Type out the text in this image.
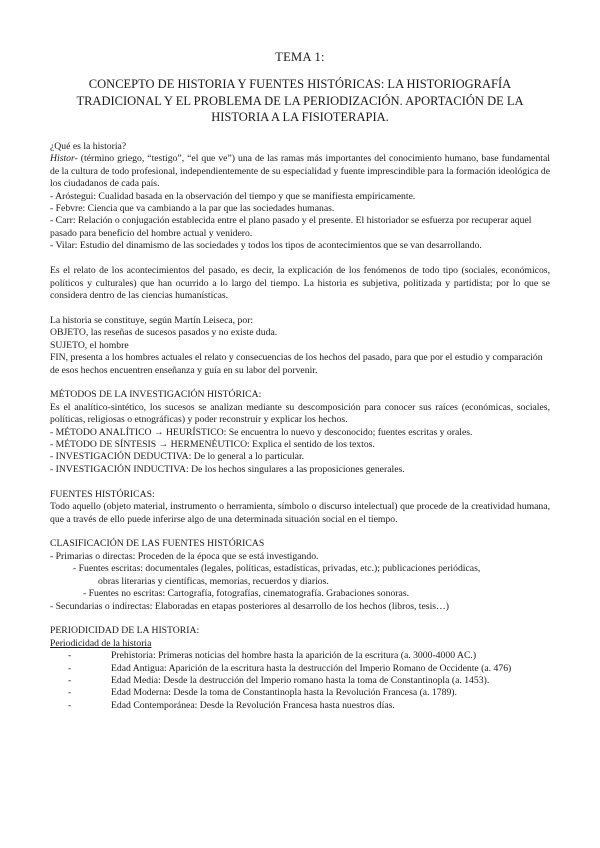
TEMA 1:
CONCEPTO DE HISTORIA Y FUENTES HISTÓRICAS: LA HISTORIOGRAFÍA TRADICIONAL Y EL PROBLEMA DE LA PERIODIZACIÓN. APORTACIÓN DE LA HISTORIA A LA FISIOTERAPIA.

¿Qué es la historia?

Histor- (término griego, “testigo”, “el que ve”) una de las ramas más importantes del conocimiento humano, base fundamental de la cultura de todo profesional, independientemente de su especialidad y fuente imprescindible para la formación ideológica de los ciudadanos de cada país.

- Aróstegui: Cualidad basada en la observación del tiempo y que se manifiesta empíricamente.

- Febvre: Ciencia que va cambiando a la par que las sociedades humanas.

- Carr: Relación o conjugación establecida entre el plano pasado y el presente. El historiador se esfuerza por recuperar aquel pasado para beneficio del hombre actual y venidero.

- Vilar: Estudio del dinamismo de las sociedades y todos los tipos de acontecimientos que se van desarrollando.

Es el relato de los acontecimientos del pasado, es decir, la explicación de los fenómenos de todo tipo (sociales, económicos, políticos y culturales) que han ocurrido a lo largo del tiempo. La historia es subjetiva, politizada y partidista; por lo que se considera dentro de las ciencias humanísticas.

La historia se constituye, según Martín Leiseca, por:

OBJETO, las reseñas de sucesos pasados y no existe duda.

SUJETO, el hombre

FIN, presenta a los hombres actuales el relato y consecuencias de los hechos del pasado, para que por el estudio y comparación de esos hechos encuentren enseñanza y guía en su labor del porvenir.

MÉTODOS DE LA INVESTIGACIÓN HISTÓRICA:

Es el analítico-sintético, los sucesos se analizan mediante su descomposición para conocer sus raíces (económicas, sociales, políticas, religiosas o etnográficas) y poder reconstruir y explicar los hechos.

- MÉTODO ANALÍTICO → HEURÍSTICO: Se encuentra lo nuevo y desconocido; fuentes escritas y orales.

- MÉTODO DE SÍNTESIS → HERMENÉUTICO: Explica el sentido de los textos.

- INVESTIGACIÓN DEDUCTIVA: De lo general a lo particular.

- INVESTIGACIÓN INDUCTIVA: De los hechos singulares a las proposiciones generales.

FUENTES HISTÓRICAS:

Todo aquello (objeto material, instrumento o herramienta, símbolo o discurso intelectual) que procede de la creatividad humana, que a través de ello puede inferirse algo de una determinada situación social en el tiempo.

CLASIFICACIÓN DE LAS FUENTES HISTÓRICAS

- Primarias o directas: Proceden de la época que se está investigando.

- Fuentes escritas: documentales (legales, políticas, estadísticas, privadas, etc.); publicaciones periódicas,

obras literarias y científicas, memorias, recuerdos y diarios.

- Fuentes no escritas: Cartografía, fotografías, cinematografía. Grabaciones sonoras.

- Secundarias o indirectas: Elaboradas en etapas posteriores al desarrollo de los hechos (libros, tesis…)

PERIODICIDAD DE LA HISTORIA:

Periodicidad de la historia

-	Prehistoria: Primeras noticias del hombre hasta la aparición de la escritura (a. 3000-4000 AC.)

-	Edad Antigua: Aparición de la escritura hasta la destrucción del Imperio Romano de Occidente (a. 476)

-	Edad Media: Desde la destrucción del Imperio romano hasta la toma de Constantinopla (a. 1453).

-	Edad Moderna: Desde la toma de Constantinopla hasta la Revolución Francesa (a. 1789).

-	Edad Contemporánea: Desde la Revolución Francesa hasta nuestros días.
